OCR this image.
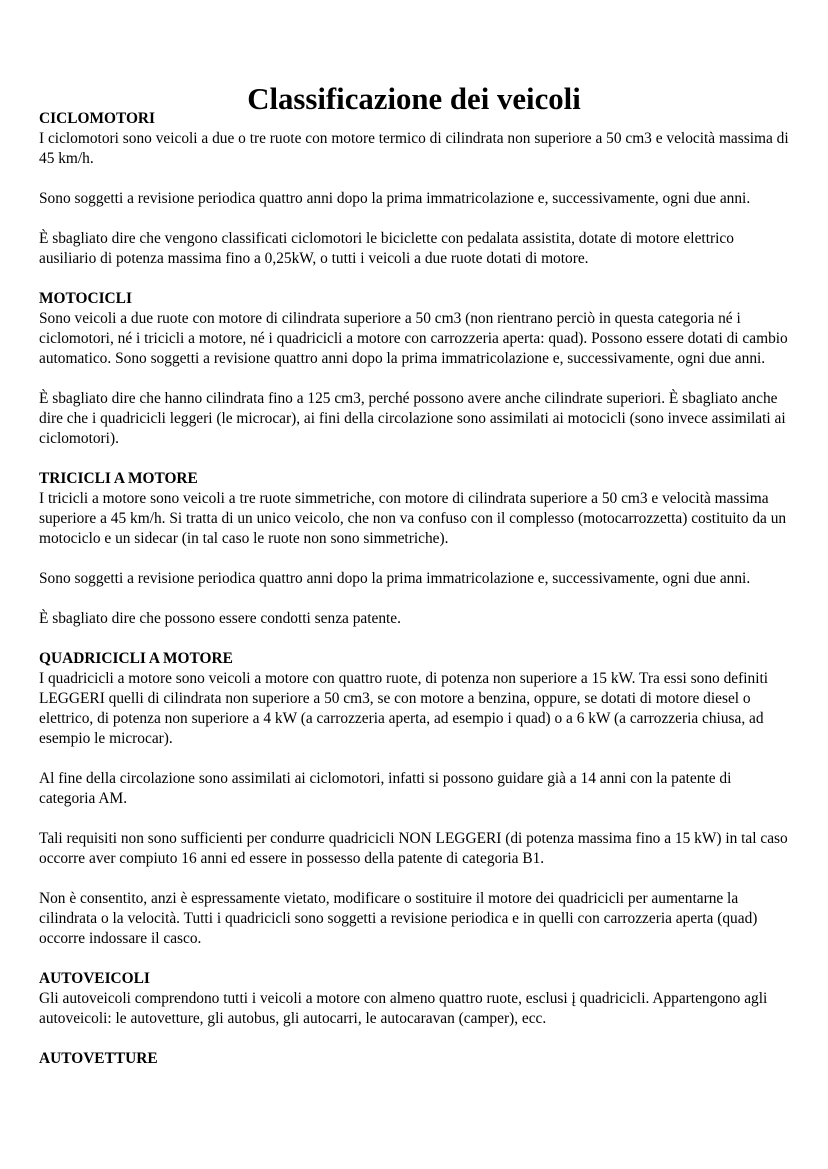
Classificazione dei veicoli
CICLOMOTORI

I ciclomotori sono veicoli a due o tre ruote con motore termico di cilindrata non superiore a 50 cm3 e velocità massima di 45 km/h.

Sono soggetti a revisione periodica quattro anni dopo la prima immatricolazione e, successivamente, ogni due anni.

È sbagliato dire che vengono classificati ciclomotori le biciclette con pedalata assistita, dotate di motore elettrico ausiliario di potenza massima fino a 0,25kW, o tutti i veicoli a due ruote dotati di motore.

MOTOCICLI

Sono veicoli a due ruote con motore di cilindrata superiore a 50 cm3 (non rientrano perciò in questa categoria né i ciclomotori, né i tricicli a motore, né i quadricicli a motore con carrozzeria aperta: quad). Possono essere dotati di cambio automatico. Sono soggetti a revisione quattro anni dopo la prima immatricolazione e, successivamente, ogni due anni.

È sbagliato dire che hanno cilindrata fino a 125 cm3, perché possono avere anche cilindrate superiori. È sbagliato anche dire che i quadricicli leggeri (le microcar), ai fini della circolazione sono assimilati ai motocicli (sono invece assimilati ai ciclomotori).

TRICICLI A MOTORE

I tricicli a motore sono veicoli a tre ruote simmetriche, con motore di cilindrata superiore a 50 cm3 e velocità massima superiore a 45 km/h. Si tratta di un unico veicolo, che non va confuso con il complesso (motocarrozzetta) costituito da un motociclo e un sidecar (in tal caso le ruote non sono simmetriche).

Sono soggetti a revisione periodica quattro anni dopo la prima immatricolazione e, successivamente, ogni due anni.

È sbagliato dire che possono essere condotti senza patente.

QUADRICICLI A MOTORE

I quadricicli a motore sono veicoli a motore con quattro ruote, di potenza non superiore a 15 kW. Tra essi sono definiti LEGGERI quelli di cilindrata non superiore a 50 cm3, se con motore a benzina, oppure, se dotati di motore diesel o elettrico, di potenza non superiore a 4 kW (a carrozzeria aperta, ad esempio i quad) o a 6 kW (a carrozzeria chiusa, ad esempio le microcar).

Al fine della circolazione sono assimilati ai ciclomotori, infatti si possono guidare già a 14 anni con la patente di categoria AM.

Tali requisiti non sono sufficienti per condurre quadricicli NON LEGGERI (di potenza massima fino a 15 kW) in tal caso occorre aver compiuto 16 anni ed essere in possesso della patente di categoria B1.

Non è consentito, anzi è espressamente vietato, modificare o sostituire il motore dei quadricicli per aumentarne la cilindrata o la velocità. Tutti i quadricicli sono soggetti a revisione periodica e in quelli con carrozzeria aperta (quad) occorre indossare il casco.

AUTOVEICOLI

Gli autoveicoli comprendono tutti i veicoli a motore con almeno quattro ruote, esclusi į quadricicli. Appartengono agli autoveicoli: le autovetture, gli autobus, gli autocarri, le autocaravan (camper), ecc.

AUTOVETTURE
